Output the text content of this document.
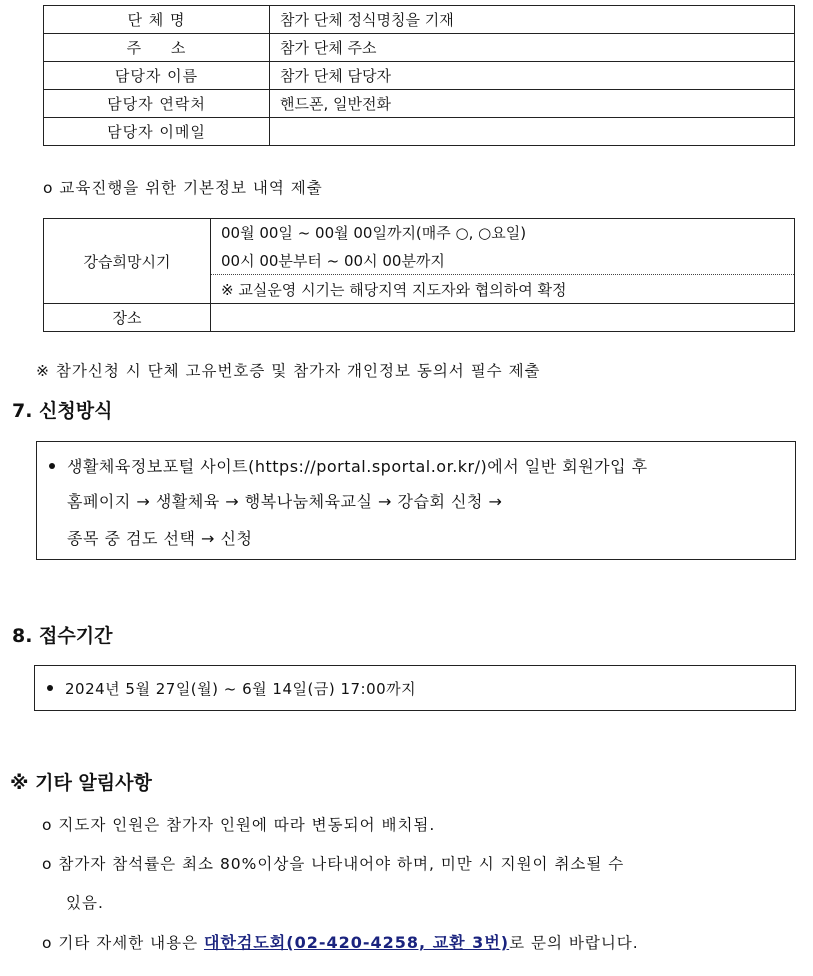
단 체 명	참가 단체 정식명칭을 기재
주     소	참가 단체 주소
담당자 이름	참가 단체 담당자
담당자 연락처	핸드폰, 일반전화
담당자 이메일	
ο 교육진행을 위한 기본정보 내역 제출
강습희망시기	00월 00일 ~ 00월 00일까지(매주 ○, ○요일)
	00시 00분부터 ~ 00시 00분까지
	※ 교실운영 시기는 해당지역 지도자와 협의하여 확정
장소	
※ 참가신청 시 단체 고유번호증 및 참가자 개인정보 동의서 필수 제출
7. 신청방식
생활체육정보포털 사이트(https://portal.sportal.or.kr/)에서 일반 회원가입 후
홈페이지 → 생활체육 → 행복나눔체육교실 → 강습회 신청 →
종목 중 검도 선택 → 신청
8. 접수기간
2024년 5월 27일(월) ~ 6월 14일(금) 17:00까지
※ 기타 알림사항
ο 지도자 인원은 참가자 인원에 따라 변동되어 배치됨.
ο 참가자 참석률은 최소 80%이상을 나타내어야 하며, 미만 시 지원이 취소될 수
있음.
ο 기타 자세한 내용은 대한검도회(02-420-4258, 교환 3번)로 문의 바랍니다.
